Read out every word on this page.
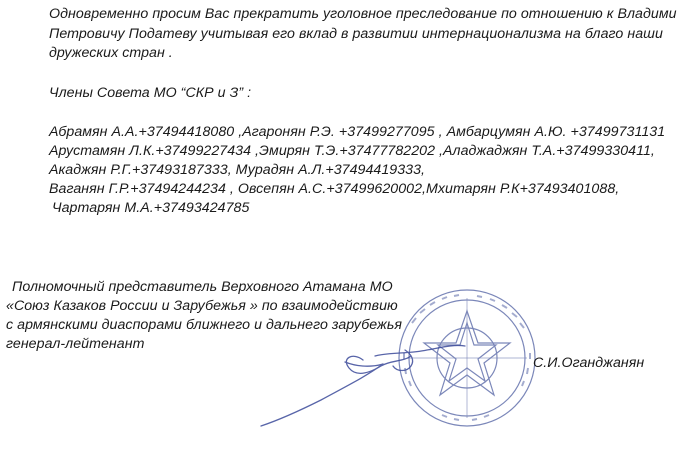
Одновременно просим Вас прекратить уголовное преследование по отношению к Владими
Петровичу Податеву учитывая его вклад в развитии интернационализма на благо наши
дружеских стран .
Члены Совета МО “СКР и З” :
Абрамян А.А.+37494418080 ,Агаронян Р.Э. +37499277095 , Амбарцумян А.Ю. +37499731131
Арустамян Л.К.+37499227434 ,Эмирян Т.Э.+37477782202 ,Аладжаджян Т.А.+37499330411,
Акаджян Р.Г.+37493187333, Мурадян А.Л.+37494419333,
Ваганян Г.Р.+37494244234 , Овсепян А.С.+37499620002,Мхитарян Р.К+37493401088,
Чартарян М.А.+37493424785
Полномочный представитель Верховного Атамана МО
«Союз Казаков России и Зарубежья » по взаимодействию
с армянскими диаспорами ближнего и дальнего зарубежья
генерал-лейтенант
С.И.Оганджанян
